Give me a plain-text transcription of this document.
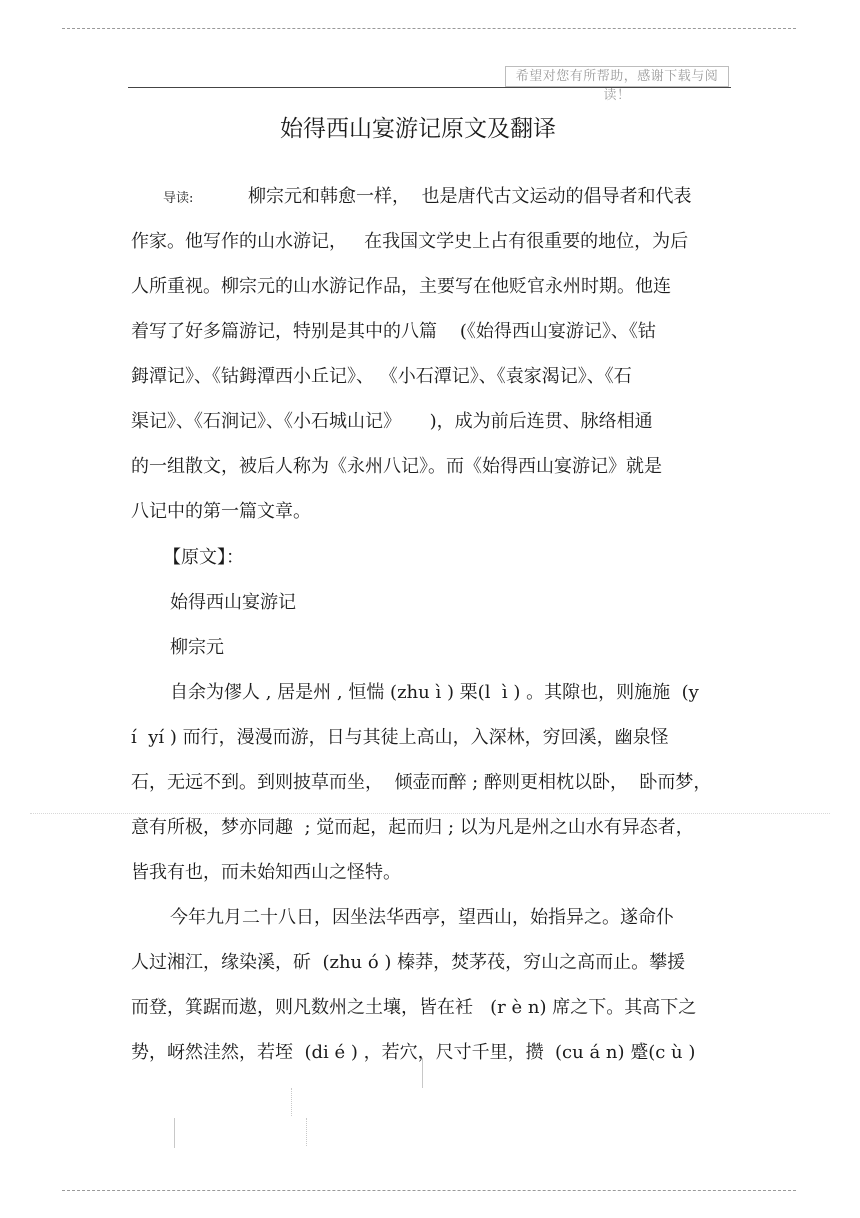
希望对您有所帮助，感谢下载与阅读！
始得西山宴游记原文及翻译
导读:	柳宗元和韩愈一样，  也是唐代古文运动的倡导者和代表
作家。他写作的山水游记，   在我国文学史上占有很重要的地位，为后
人所重视。柳宗元的山水游记作品，主要写在他贬官永州时期。他连
着写了好多篇游记，特别是其中的八篇    (《始得西山宴游记》、《钴
鉧潭记》、《钴鉧潭西小丘记》、 《小石潭记》、《袁家渴记》、《石
渠记》、《石涧记》、《小石城山记》     )，成为前后连贯、脉络相通
的一组散文，被后人称为《永州八记》。而《始得西山宴游记》就是
八记中的第一篇文章。
【原文】：
始得西山宴游记
柳宗元
自余为僇人 , 居是州 , 恒惴 (zhu ì ) 栗(l  ì ) 。其隙也，则施施  (y
í  yí ) 而行，漫漫而游，日与其徒上高山，入深林，穷回溪，幽泉怪
石，无远不到。到则披草而坐，  倾壶而醉 ; 醉则更相枕以卧，  卧而梦，
意有所极，梦亦同趣  ; 觉而起，起而归 ; 以为凡是州之山水有异态者，
皆我有也，而未始知西山之怪特。
今年九月二十八日，因坐法华西亭，望西山，始指异之。遂命仆
人过湘江，缘染溪，斫  (zhu ó ) 榛莽，焚茅茷，穷山之高而止。攀援
而登，箕踞而遨，则凡数州之土壤，皆在衽   (r è n) 席之下。其高下之
势，岈然洼然，若垤  (di é ) ，若穴，尺寸千里，攒  (cu á n) 蹙(c ù )
